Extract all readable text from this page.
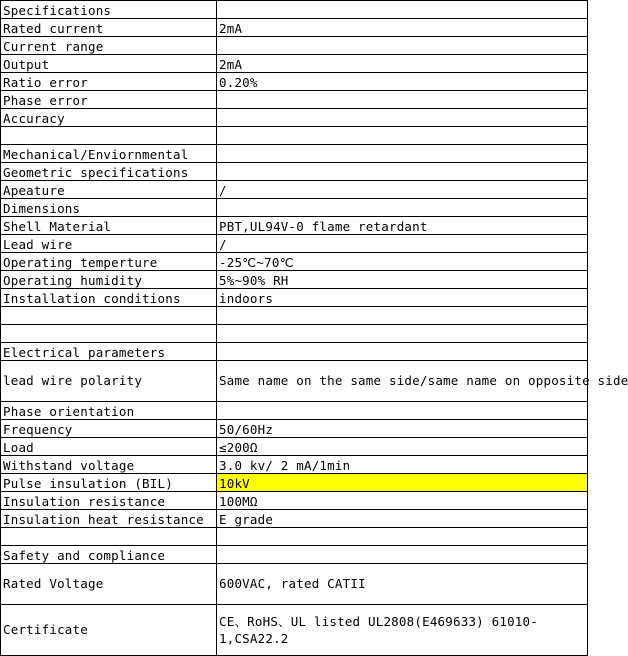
Specifications	
Rated current	2mA
Current range	
Output	2mA
Ratio error	0.20%
Phase error	
Accuracy	

Mechanical/Enviornmental	
Geometric specifications	
Apeature	/
Dimensions	
Shell Material	PBT,UL94V-0 flame retardant
Lead wire	/
Operating temperture	-25℃~70℃
Operating humidity	5%~90% RH
Installation conditions	indoors

Electrical parameters	
lead wire polarity	Same name on the same side/same name on opposite side
Phase orientation	
Frequency	50/60Hz
Load	≤200Ω
Withstand voltage	3.0 kv/ 2 mA/1min
Pulse insulation (BIL)	10kV
Insulation resistance	100MΩ
Insulation heat resistance	E grade

Safety and compliance	
Rated Voltage	600VAC, rated CATII
Certificate	CE、RoHS、UL listed UL2808(E469633) 61010-1,CSA22.2
